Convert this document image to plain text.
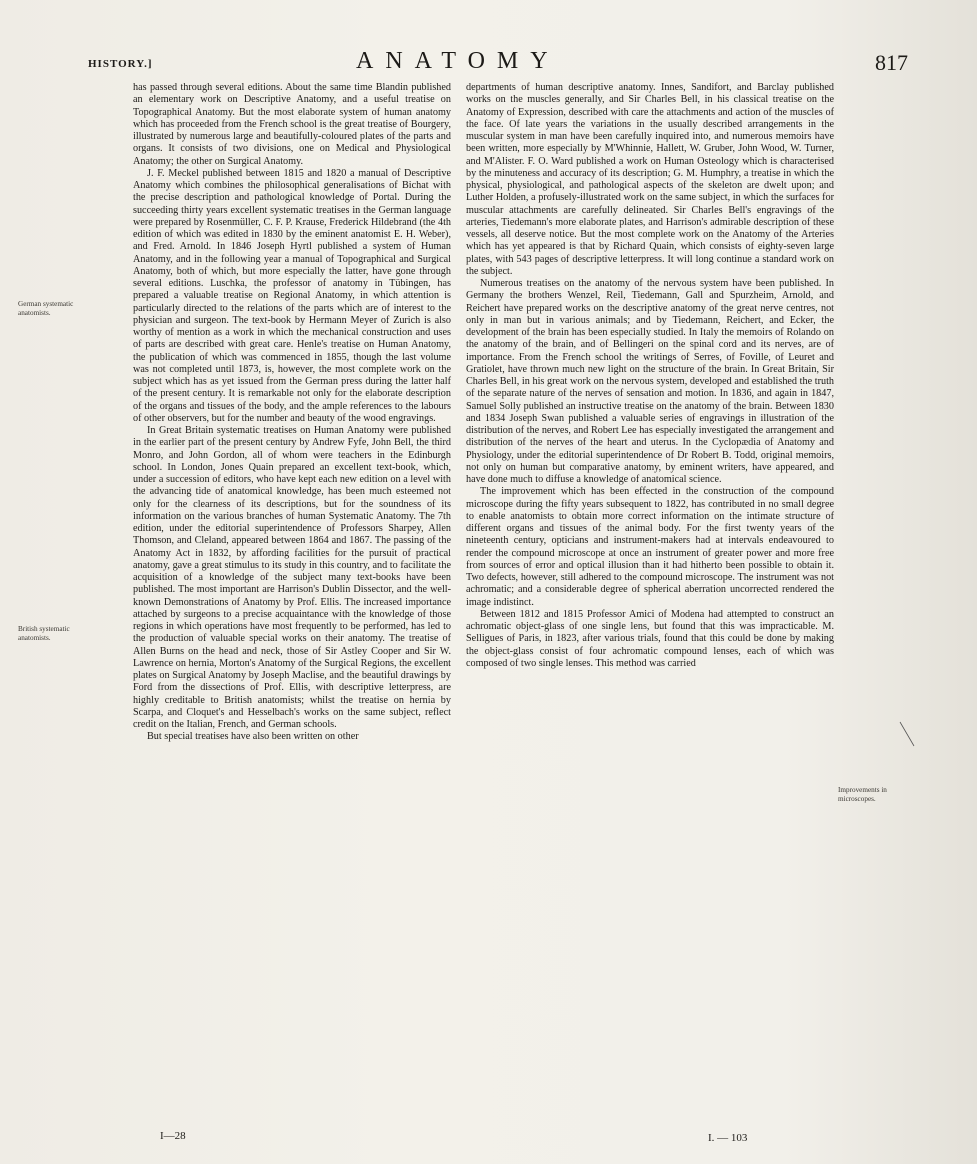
HISTORY.]	ANATOMY	817
German systematic anatomists.
British systematic anatomists.
Improvements in microscopes.

has passed through several editions. About the same time Blandin published an elementary work on Descriptive Anatomy, and a useful treatise on Topographical Anatomy. But the most elaborate system of human anatomy which has proceeded from the French school is the great treatise of Bourgery, illustrated by numerous large and beautifully-coloured plates of the parts and organs. It consists of two divisions, one on Medical and Physiological Anatomy; the other on Surgical Anatomy.

J. F. Meckel published between 1815 and 1820 a manual of Descriptive Anatomy which combines the philosophical generalisations of Bichat with the precise description and pathological knowledge of Portal. During the succeeding thirty years excellent systematic treatises in the German language were prepared by Rosenmüller, C. F. P. Krause, Frederick Hildebrand (the 4th edition of which was edited in 1830 by the eminent anatomist E. H. Weber), and Fred. Arnold. In 1846 Joseph Hyrtl published a system of Human Anatomy, and in the following year a manual of Topographical and Surgical Anatomy, both of which, but more especially the latter, have gone through several editions. Luschka, the professor of anatomy in Tübingen, has prepared a valuable treatise on Regional Anatomy, in which attention is particularly directed to the relations of the parts which are of interest to the physician and surgeon. The text-book by Hermann Meyer of Zurich is also worthy of mention as a work in which the mechanical construction and uses of parts are described with great care. Henle's treatise on Human Anatomy, the publication of which was commenced in 1855, though the last volume was not completed until 1873, is, however, the most complete work on the subject which has as yet issued from the German press during the latter half of the present century. It is remarkable not only for the elaborate description of the organs and tissues of the body, and the ample references to the labours of other observers, but for the number and beauty of the wood engravings.

In Great Britain systematic treatises on Human Anatomy were published in the earlier part of the present century by Andrew Fyfe, John Bell, the third Monro, and John Gordon, all of whom were teachers in the Edinburgh school. In London, Jones Quain prepared an excellent text-book, which, under a succession of editors, who have kept each new edition on a level with the advancing tide of anatomical knowledge, has been much esteemed not only for the clearness of its descriptions, but for the soundness of its information on the various branches of human Systematic Anatomy. The 7th edition, under the editorial superintendence of Professors Sharpey, Allen Thomson, and Cleland, appeared between 1864 and 1867. The passing of the Anatomy Act in 1832, by affording facilities for the pursuit of practical anatomy, gave a great stimulus to its study in this country, and to facilitate the acquisition of a knowledge of the subject many text-books have been published. The most important are Harrison's Dublin Dissector, and the well-known Demonstrations of Anatomy by Prof. Ellis. The increased importance attached by surgeons to a precise acquaintance with the knowledge of those regions in which operations have most frequently to be performed, has led to the production of valuable special works on their anatomy. The treatise of Allen Burns on the head and neck, those of Sir Astley Cooper and Sir W. Lawrence on hernia, Morton's Anatomy of the Surgical Regions, the excellent plates on Surgical Anatomy by Joseph Maclise, and the beautiful drawings by Ford from the dissections of Prof. Ellis, with descriptive letterpress, are highly creditable to British anatomists; whilst the treatise on hernia by Scarpa, and Cloquet's and Hesselbach's works on the same subject, reflect credit on the Italian, French, and German schools.

But special treatises have also been written on other

departments of human descriptive anatomy. Innes, Sandifort, and Barclay published works on the muscles generally, and Sir Charles Bell, in his classical treatise on the Anatomy of Expression, described with care the attachments and action of the muscles of the face. Of late years the variations in the usually described arrangements in the muscular system in man have been carefully inquired into, and numerous memoirs have been written, more especially by M'Whinnie, Hallett, W. Gruber, John Wood, W. Turner, and M'Alister. F. O. Ward published a work on Human Osteology which is characterised by the minuteness and accuracy of its description; G. M. Humphry, a treatise in which the physical, physiological, and pathological aspects of the skeleton are dwelt upon; and Luther Holden, a profusely-illustrated work on the same subject, in which the surfaces for muscular attachments are carefully delineated. Sir Charles Bell's engravings of the arteries, Tiedemann's more elaborate plates, and Harrison's admirable description of these vessels, all deserve notice. But the most complete work on the Anatomy of the Arteries which has yet appeared is that by Richard Quain, which consists of eighty-seven large plates, with 543 pages of descriptive letterpress. It will long continue a standard work on the subject.

Numerous treatises on the anatomy of the nervous system have been published. In Germany the brothers Wenzel, Reil, Tiedemann, Gall and Spurzheim, Arnold, and Reichert have prepared works on the descriptive anatomy of the great nerve centres, not only in man but in various animals; and by Tiedemann, Reichert, and Ecker, the development of the brain has been especially studied. In Italy the memoirs of Rolando on the anatomy of the brain, and of Bellingeri on the spinal cord and its nerves, are of importance. From the French school the writings of Serres, of Foville, of Leuret and Gratiolet, have thrown much new light on the structure of the brain. In Great Britain, Sir Charles Bell, in his great work on the nervous system, developed and established the truth of the separate nature of the nerves of sensation and motion. In 1836, and again in 1847, Samuel Solly published an instructive treatise on the anatomy of the brain. Between 1830 and 1834 Joseph Swan published a valuable series of engravings in illustration of the distribution of the nerves, and Robert Lee has especially investigated the arrangement and distribution of the nerves of the heart and uterus. In the Cyclopædia of Anatomy and Physiology, under the editorial superintendence of Dr Robert B. Todd, original memoirs, not only on human but comparative anatomy, by eminent writers, have appeared, and have done much to diffuse a knowledge of anatomical science.

The improvement which has been effected in the construction of the compound microscope during the fifty years subsequent to 1822, has contributed in no small degree to enable anatomists to obtain more correct information on the intimate structure of different organs and tissues of the animal body. For the first twenty years of the nineteenth century, opticians and instrument-makers had at intervals endeavoured to render the compound microscope at once an instrument of greater power and more free from sources of error and optical illusion than it had hitherto been possible to obtain it. Two defects, however, still adhered to the compound microscope. The instrument was not achromatic; and a considerable degree of spherical aberration uncorrected rendered the image indistinct.

Between 1812 and 1815 Professor Amici of Modena had attempted to construct an achromatic object-glass of one single lens, but found that this was impracticable. M. Selligues of Paris, in 1823, after various trials, found that this could be done by making the object-glass consist of four achromatic compound lenses, each of which was composed of two single lenses. This method was carried

I—28	I. — 103
